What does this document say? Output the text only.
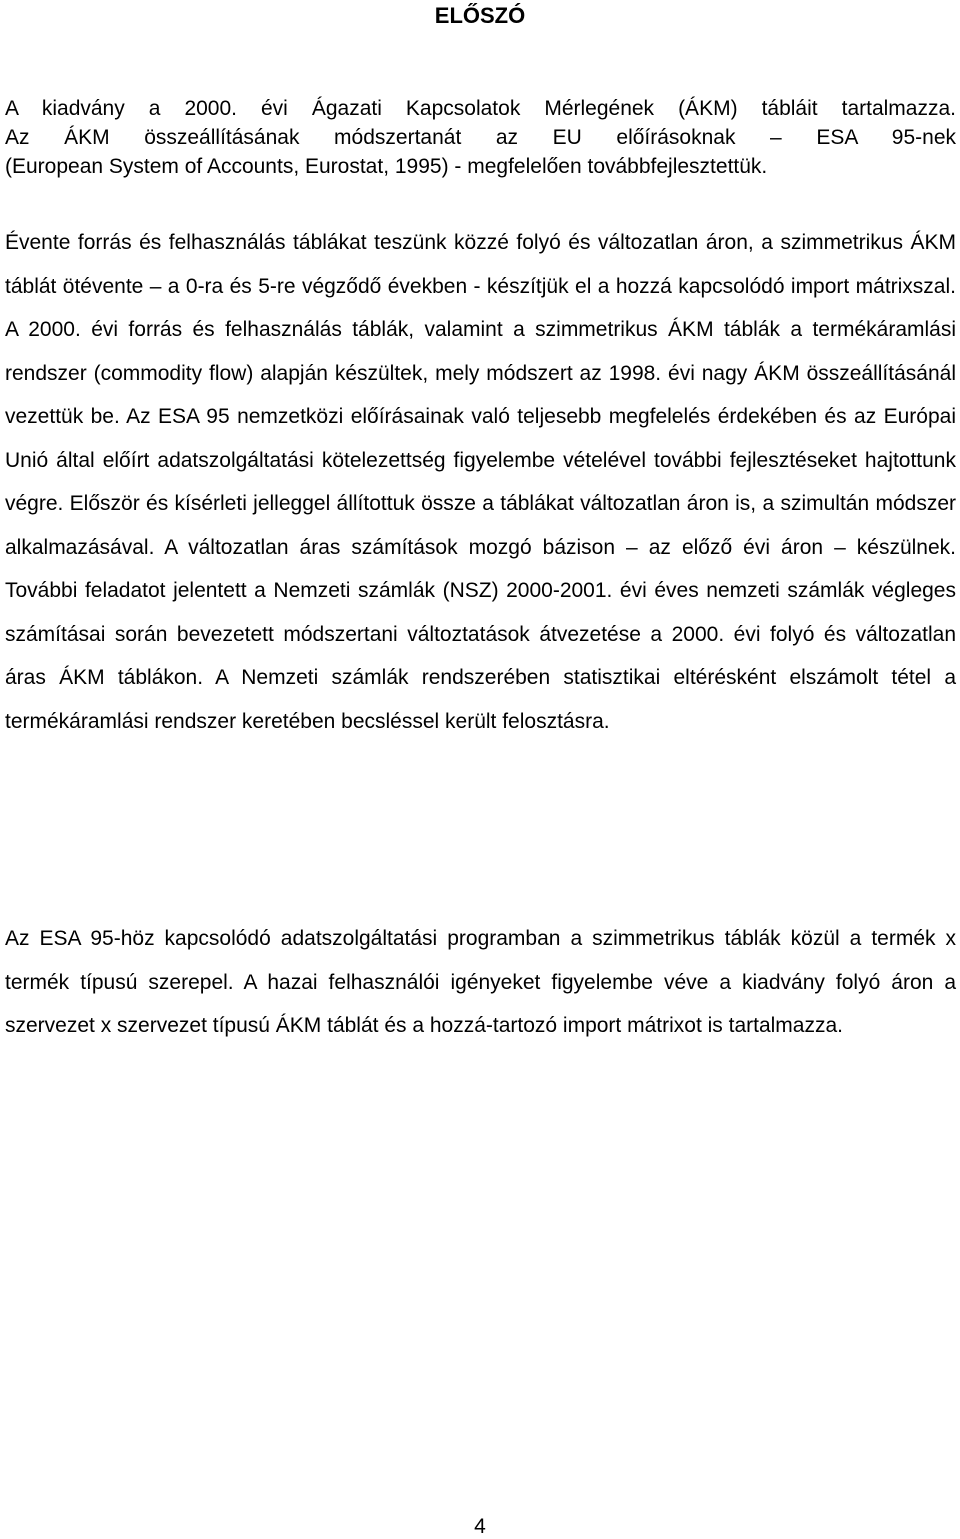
ELŐSZÓ
A kiadvány a 2000. évi Ágazati Kapcsolatok Mérlegének (ÁKM) tábláit tartalmazza.
Az ÁKM összeállításának módszertanát az EU előírásoknak ‒ ESA 95-nek
(European System of Accounts, Eurostat, 1995) - megfelelően továbbfejlesztettük.

Évente forrás és felhasználás táblákat teszünk közzé folyó és változatlan áron, a szimmetrikus ÁKM táblát ötévente ‒ a 0-ra és 5-re végződő években - készítjük el a hozzá kapcsolódó import mátrixszal. A 2000. évi forrás és felhasználás táblák, valamint a szimmetrikus ÁKM táblák a termékáramlási rendszer (commodity flow) alapján készültek, mely módszert az 1998. évi nagy ÁKM összeállításánál vezettük be. Az ESA 95 nemzetközi előírásainak való teljesebb megfelelés érdekében és az Európai Unió által előírt adatszolgáltatási kötelezettség figyelembe vételével további fejlesztéseket hajtottunk végre. Először és kísérleti jelleggel állítottuk össze a táblákat változatlan áron is, a szimultán módszer alkalmazásával. A változatlan áras számítások mozgó bázison ‒ az előző évi áron ‒ készülnek. További feladatot jelentett a Nemzeti számlák (NSZ) 2000-2001. évi éves nemzeti számlák végleges számításai során bevezetett módszertani változtatások átvezetése a 2000. évi folyó és változatlan áras ÁKM táblákon. A Nemzeti számlák rendszerében statisztikai eltérésként elszámolt tétel a termékáramlási rendszer keretében becsléssel került felosztásra.

Az ESA 95-höz kapcsolódó adatszolgáltatási programban a szimmetrikus táblák közül a termék x termék típusú szerepel. A hazai felhasználói igényeket figyelembe véve a kiadvány folyó áron a szervezet x szervezet típusú ÁKM táblát és a hozzá-tartozó import mátrixot is tartalmazza.

4
